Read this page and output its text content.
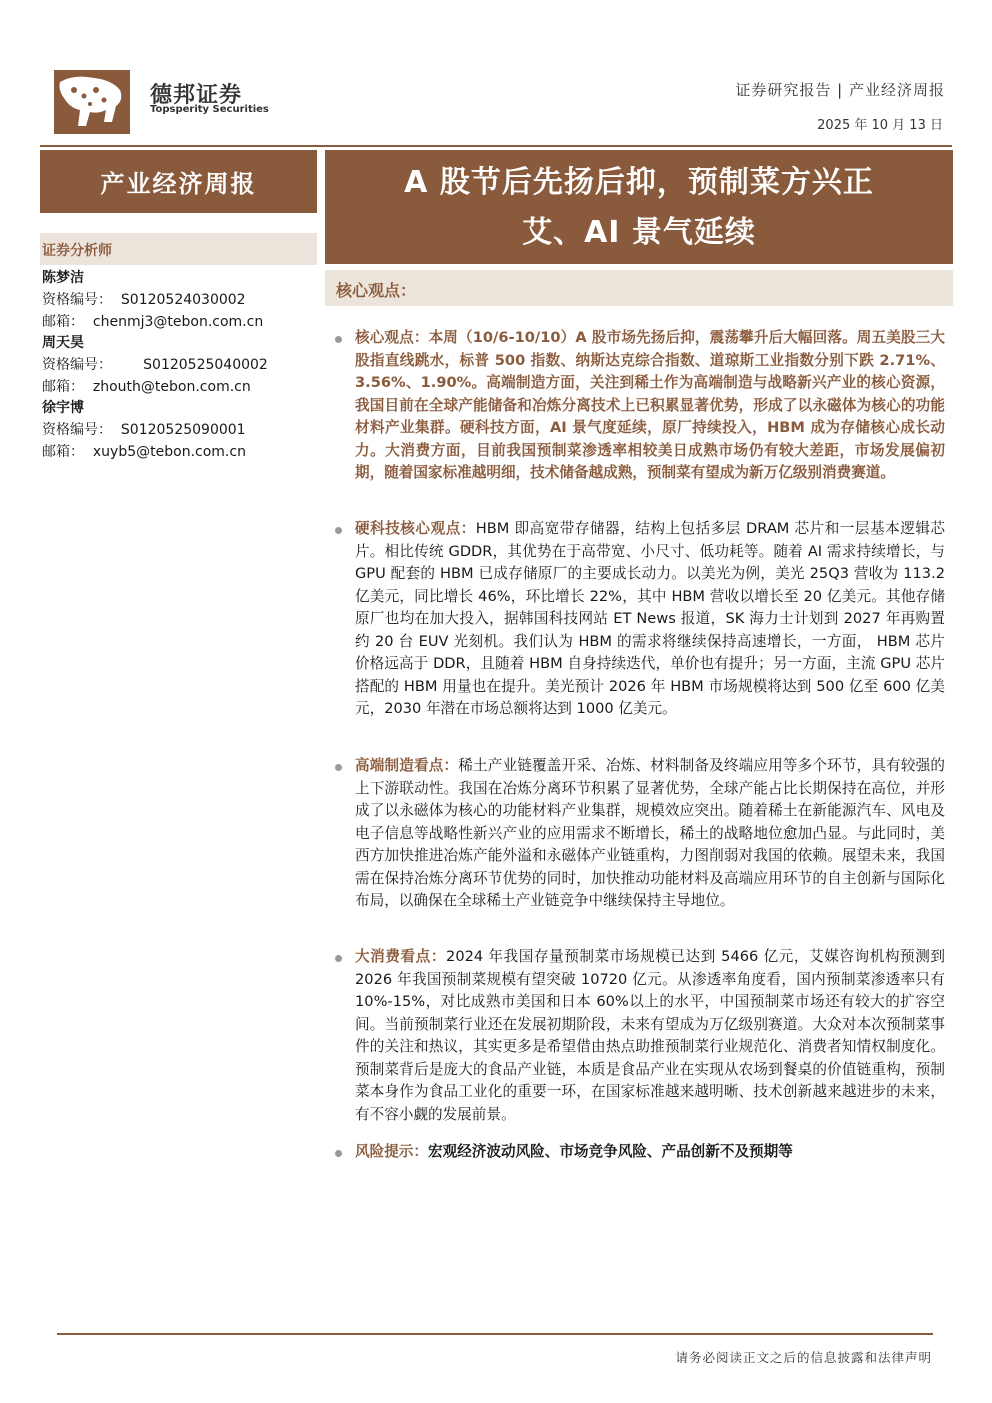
德邦证券
Topsperity Securities
证券研究报告 | 产业经济周报
2025 年 10 月 13 日
产业经济周报
证券分析师
陈梦洁
资格编号：  S0120524030002
邮箱：  chenmj3@tebon.com.cn
周天昊
资格编号：       S0120525040002
邮箱：  zhouth@tebon.com.cn
徐宇博
资格编号：  S0120525090001
邮箱：  xuyb5@tebon.com.cn
A 股节后先扬后抑，预制菜方兴正
艾、AI 景气延续
核心观点：
核心观点：本周（10/6-10/10）A 股市场先扬后抑，震荡攀升后大幅回落。周五美股三大股指直线跳水，标普 500 指数、纳斯达克综合指数、道琼斯工业指数分别下跌 2.71%、3.56%、1.90%。高端制造方面，关注到稀土作为高端制造与战略新兴产业的核心资源，我国目前在全球产能储备和冶炼分离技术上已积累显著优势，形成了以永磁体为核心的功能材料产业集群。硬科技方面，AI 景气度延续，原厂持续投入，HBM 成为存储核心成长动力。大消费方面，目前我国预制菜渗透率相较美日成熟市场仍有较大差距，市场发展偏初期，随着国家标准越明细，技术储备越成熟，预制菜有望成为新万亿级别消费赛道。
硬科技核心观点：HBM 即高宽带存储器，结构上包括多层 DRAM 芯片和一层基本逻辑芯片。相比传统 GDDR，其优势在于高带宽、小尺寸、低功耗等。随着 AI 需求持续增长，与 GPU 配套的 HBM 已成存储原厂的主要成长动力。以美光为例，美光 25Q3 营收为 113.2 亿美元，同比增长 46%，环比增长 22%，其中 HBM 营收以增长至 20 亿美元。其他存储原厂也均在加大投入，据韩国科技网站 ET News 报道，SK 海力士计划到 2027 年再购置约 20 台 EUV 光刻机。我们认为 HBM 的需求将继续保持高速增长，一方面， HBM 芯片价格远高于 DDR，且随着 HBM 自身持续迭代，单价也有提升；另一方面，主流 GPU 芯片搭配的 HBM 用量也在提升。美光预计 2026 年 HBM 市场规模将达到 500 亿至 600 亿美元，2030 年潜在市场总额将达到 1000 亿美元。
高端制造看点：稀土产业链覆盖开采、冶炼、材料制备及终端应用等多个环节，具有较强的上下游联动性。我国在冶炼分离环节积累了显著优势，全球产能占比长期保持在高位，并形成了以永磁体为核心的功能材料产业集群，规模效应突出。随着稀土在新能源汽车、风电及电子信息等战略性新兴产业的应用需求不断增长，稀土的战略地位愈加凸显。与此同时，美西方加快推进冶炼产能外溢和永磁体产业链重构，力图削弱对我国的依赖。展望未来，我国需在保持冶炼分离环节优势的同时，加快推动功能材料及高端应用环节的自主创新与国际化布局，以确保在全球稀土产业链竞争中继续保持主导地位。
大消费看点：2024 年我国存量预制菜市场规模已达到 5466 亿元，艾媒咨询机构预测到 2026 年我国预制菜规模有望突破 10720 亿元。从渗透率角度看，国内预制菜渗透率只有 10%-15%，对比成熟市美国和日本 60%以上的水平，中国预制菜市场还有较大的扩容空间。当前预制菜行业还在发展初期阶段，未来有望成为万亿级别赛道。大众对本次预制菜事件的关注和热议，其实更多是希望借由热点助推预制菜行业规范化、消费者知情权制度化。预制菜背后是庞大的食品产业链，本质是食品产业在实现从农场到餐桌的价值链重构，预制菜本身作为食品工业化的重要一环，在国家标准越来越明晰、技术创新越来越进步的未来，有不容小觑的发展前景。
风险提示：宏观经济波动风险、市场竞争风险、产品创新不及预期等
请务必阅读正文之后的信息披露和法律声明
